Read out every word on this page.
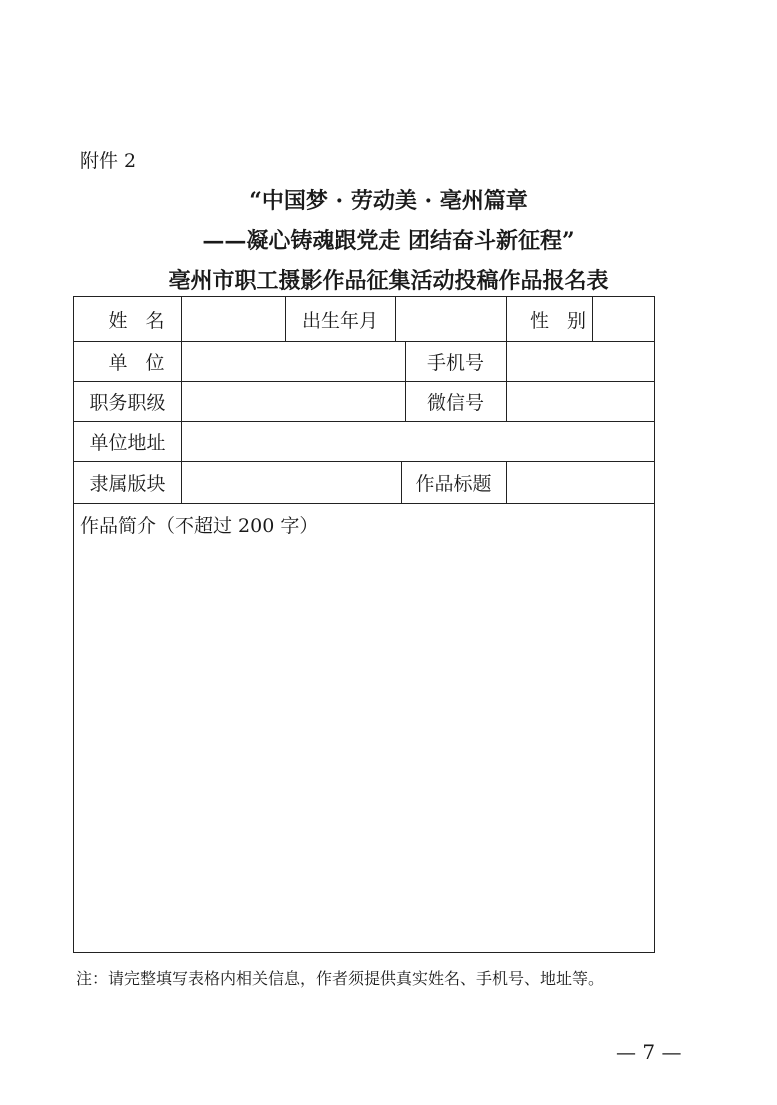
附件 2
“中国梦 · 劳动美 · 亳州篇章
——凝心铸魂跟党走 团结奋斗新征程”
亳州市职工摄影作品征集活动投稿作品报名表
姓名	出生年月	性别
单位	手机号
职务职级	微信号
单位地址
隶属版块	作品标题
作品简介（不超过 200 字）
注：请完整填写表格内相关信息，作者须提供真实姓名、手机号、地址等。
— 7 —
